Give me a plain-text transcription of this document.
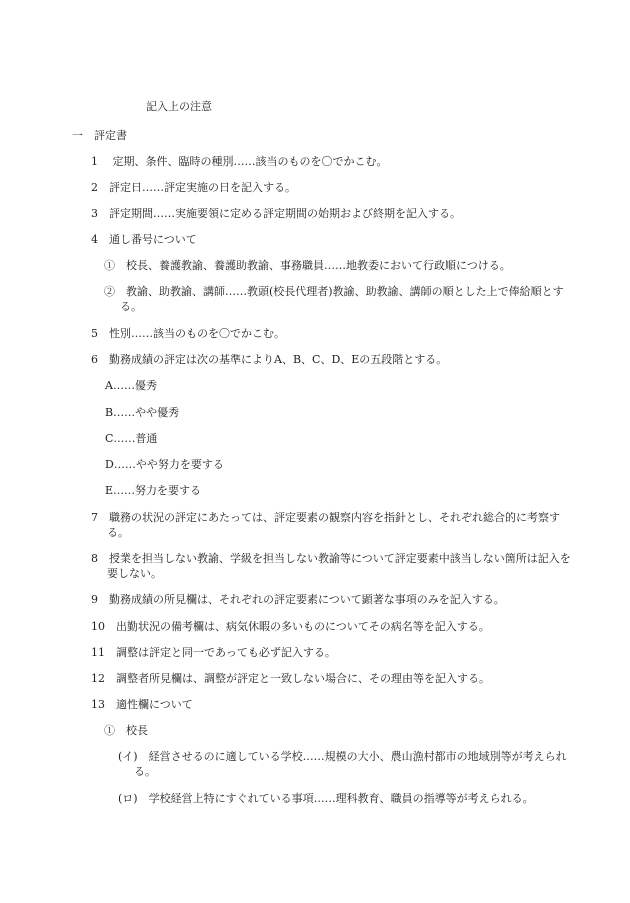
記入上の注意
一　評定書
1　 定期、条件、臨時の種別……該当のものを〇でかこむ。
2　評定日……評定実施の日を記入する。
3　評定期間……実施要領に定める評定期間の始期および終期を記入する。
4　通し番号について
①　校長、養護教諭、養護助教諭、事務職員……地教委において行政順につける。
②　教諭、助教諭、講師……教頭(校長代理者)教諭、助教諭、講師の順とした上で俸給順とする。
5　性別……該当のものを〇でかこむ。
6　勤務成績の評定は次の基準によりA、B、C、D、Eの五段階とする。
A……優秀
B……やや優秀
C……普通
D……やや努力を要する
E……努力を要する
7　職務の状況の評定にあたっては、評定要素の観察内容を指針とし、それぞれ総合的に考察する。
8　授業を担当しない教諭、学級を担当しない教諭等について評定要素中該当しない箇所は記入を要しない。
9　勤務成績の所見欄は、それぞれの評定要素について顕著な事項のみを記入する。
10　出勤状況の備考欄は、病気休暇の多いものについてその病名等を記入する。
11　調整は評定と同一であっても必ず記入する。
12　調整者所見欄は、調整が評定と一致しない場合に、その理由等を記入する。
13　適性欄について
①　校長
(イ)　経営させるのに適している学校……規模の大小、農山漁村都市の地域別等が考えられる。
(ロ)　学校経営上特にすぐれている事項……理科教育、職員の指導等が考えられる。
